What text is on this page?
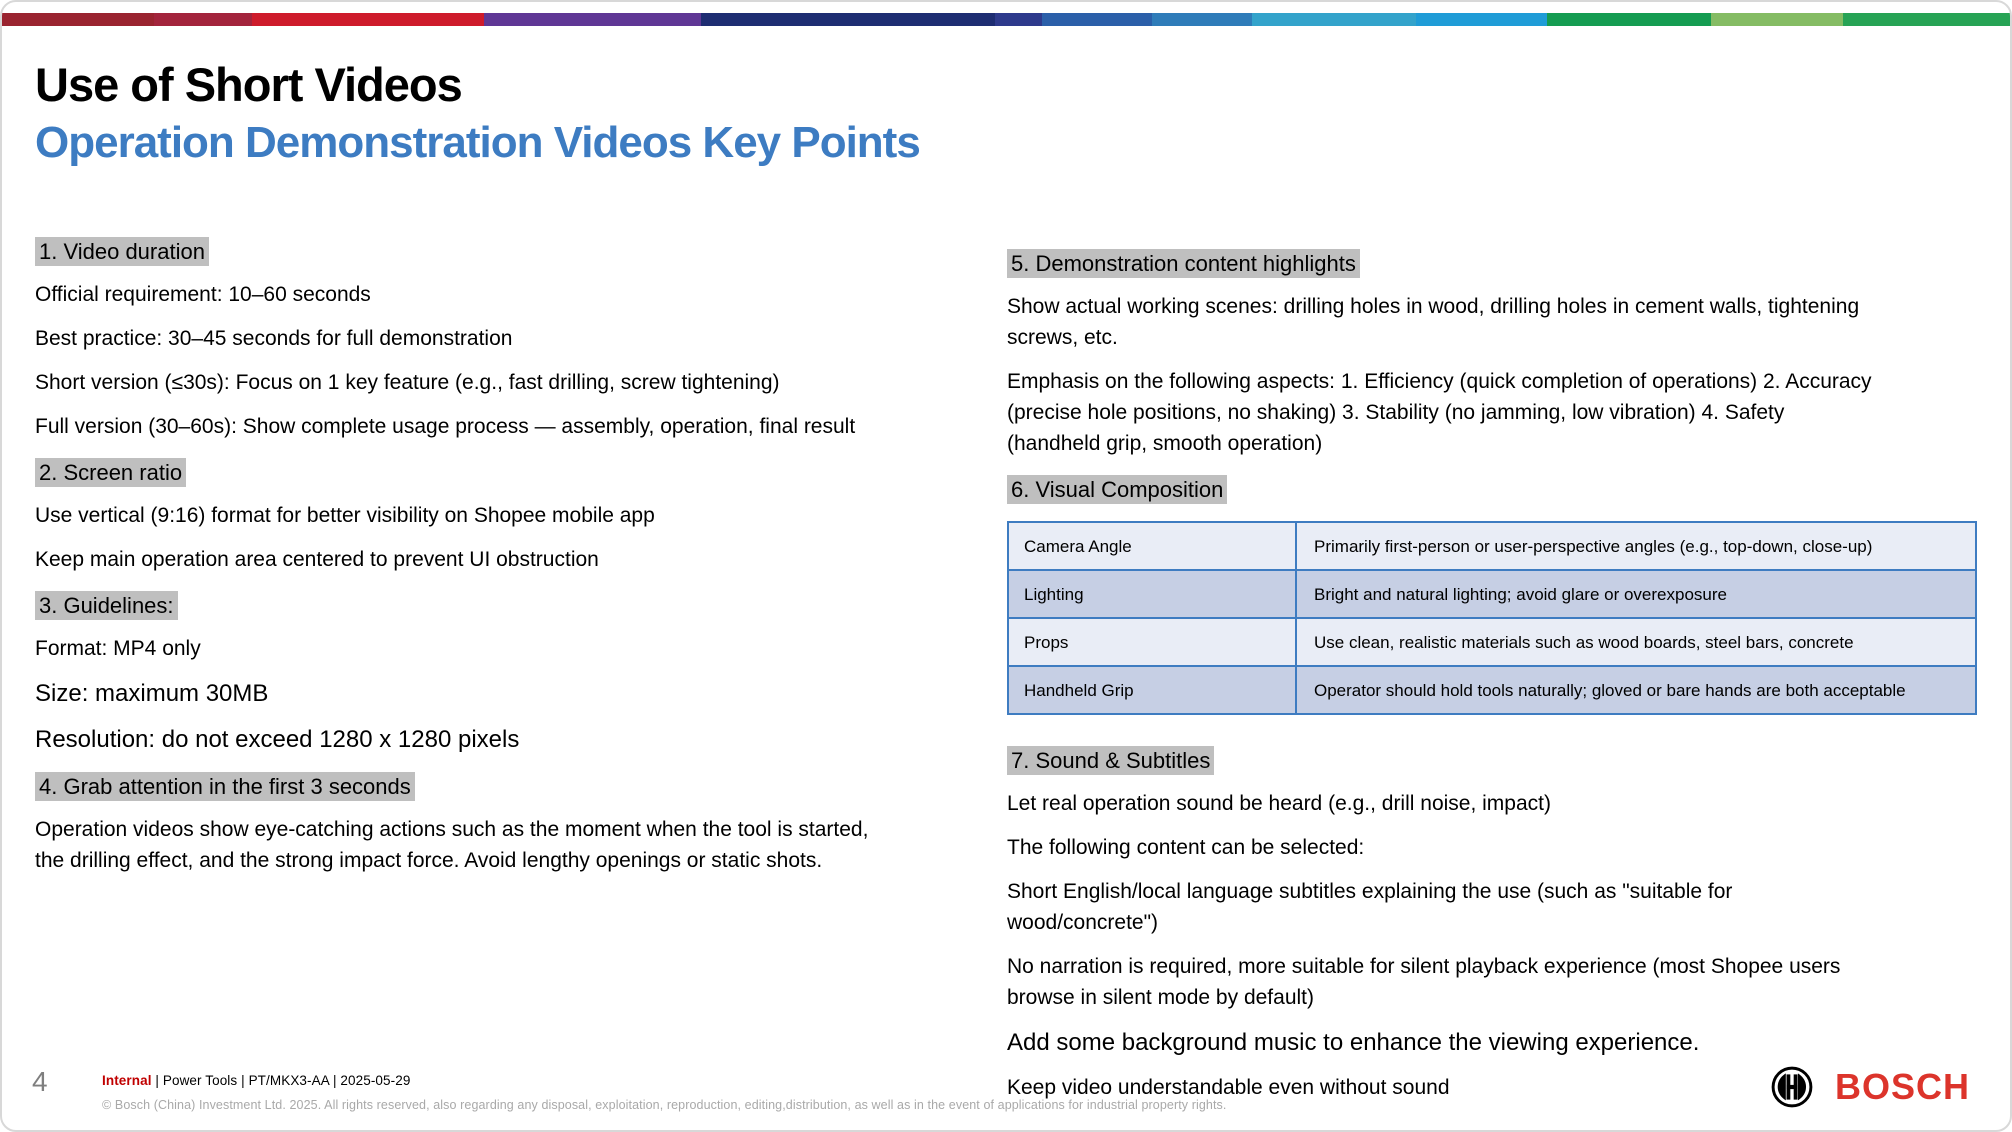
Use of Short Videos
Operation Demonstration Videos Key Points
1. Video duration

Official requirement: 10–60 seconds

Best practice: 30–45 seconds for full demonstration

Short version (≤30s): Focus on 1 key feature (e.g., fast drilling, screw tightening)

Full version (30–60s): Show complete usage process — assembly, operation, final result

2. Screen ratio

Use vertical (9:16) format for better visibility on Shopee mobile app

Keep main operation area centered to prevent UI obstruction

3. Guidelines:

Format: MP4 only

Size: maximum 30MB

Resolution: do not exceed 1280 x 1280 pixels

4. Grab attention in the first 3 seconds

Operation videos show eye-catching actions such as the moment when the tool is started, the drilling effect, and the strong impact force. Avoid lengthy openings or static shots.

5. Demonstration content highlights

Show actual working scenes: drilling holes in wood, drilling holes in cement walls, tightening screws, etc.

Emphasis on the following aspects: 1. Efficiency (quick completion of operations) 2. Accuracy (precise hole positions, no shaking) 3. Stability (no jamming, low vibration) 4. Safety (handheld grip, smooth operation)

6. Visual Composition
Camera Angle	Primarily first-person or user-perspective angles (e.g., top-down, close-up)
Lighting	Bright and natural lighting; avoid glare or overexposure
Props	Use clean, realistic materials such as wood boards, steel bars, concrete
Handheld Grip	Operator should hold tools naturally; gloved or bare hands are both acceptable
7. Sound & Subtitles

Let real operation sound be heard (e.g., drill noise, impact)

The following content can be selected:

Short English/local language subtitles explaining the use (such as "suitable for wood/concrete")

No narration is required, more suitable for silent playback experience (most Shopee users browse in silent mode by default)

Add some background music to enhance the viewing experience.

Keep video understandable even without sound

4	Internal | Power Tools | PT/MKX3-AA | 2025-05-29
© Bosch (China) Investment Ltd. 2025. All rights reserved, also regarding any disposal, exploitation, reproduction, editing,distribution, as well as in the event of applications for industrial property rights.	BOSCH
